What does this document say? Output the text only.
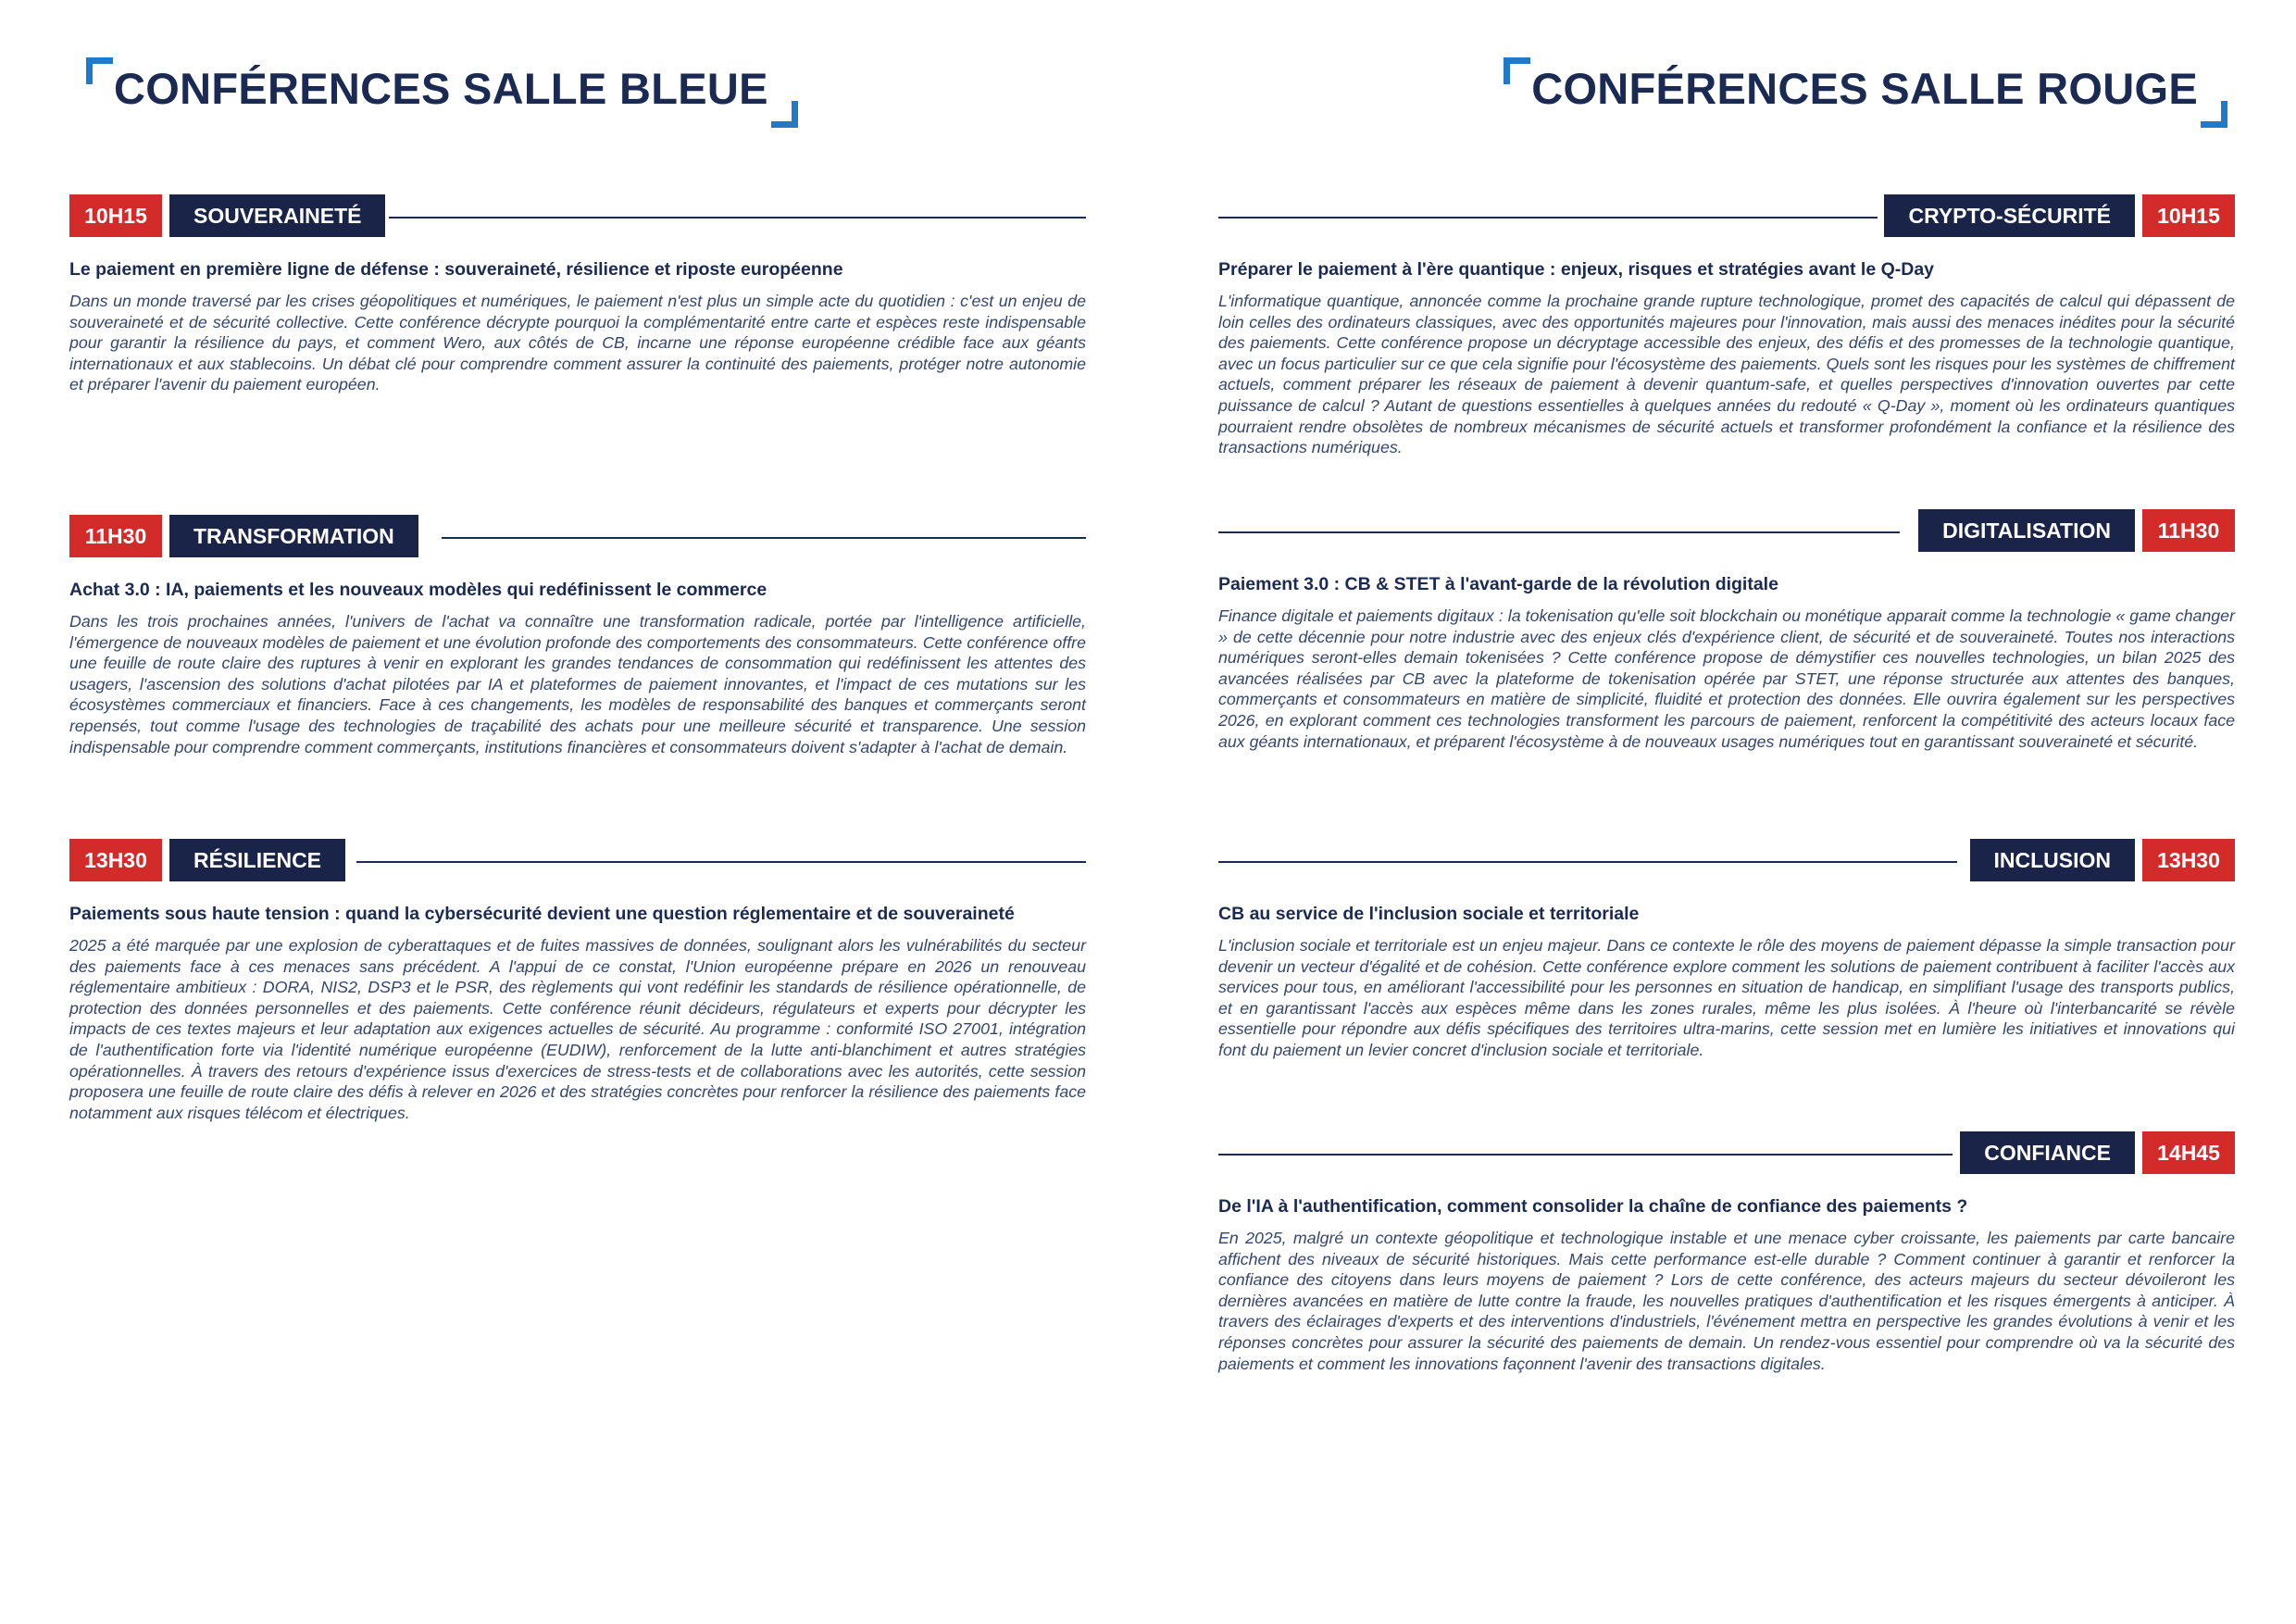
CONFÉRENCES SALLE BLEUE
10H15	SOUVERAINETÉ
Le paiement en première ligne de défense : souveraineté, résilience et riposte européenne
Dans un monde traversé par les crises géopolitiques et numériques, le paiement n'est plus un simple acte du quotidien : c'est un enjeu de souveraineté et de sécurité collective. Cette conférence décrypte pourquoi la complémentarité entre carte et espèces reste indispensable pour garantir la résilience du pays, et comment Wero, aux côtés de CB, incarne une réponse européenne crédible face aux géants internationaux et aux stablecoins. Un débat clé pour comprendre comment assurer la continuité des paiements, protéger notre autonomie et préparer l'avenir du paiement européen.
11H30	TRANSFORMATION
Achat 3.0 : IA, paiements et les nouveaux modèles qui redéfinissent le commerce
Dans les trois prochaines années, l'univers de l'achat va connaître une transformation radicale, portée par l'intelligence artificielle, l'émergence de nouveaux modèles de paiement et une évolution profonde des comportements des consommateurs. Cette conférence offre une feuille de route claire des ruptures à venir en explorant les grandes tendances de consommation qui redéfinissent les attentes des usagers, l'ascension des solutions d'achat pilotées par IA et plateformes de paiement innovantes, et l'impact de ces mutations sur les écosystèmes commerciaux et financiers. Face à ces changements, les modèles de responsabilité des banques et commerçants seront repensés, tout comme l'usage des technologies de traçabilité des achats pour une meilleure sécurité et transparence. Une session indispensable pour comprendre comment commerçants, institutions financières et consommateurs doivent s'adapter à l'achat de demain.
13H30	RÉSILIENCE
Paiements sous haute tension : quand la cybersécurité devient une question réglementaire et de souveraineté
2025 a été marquée par une explosion de cyberattaques et de fuites massives de données, soulignant alors les vulnérabilités du secteur des paiements face à ces menaces sans précédent. A l'appui de ce constat, l'Union européenne prépare en 2026 un renouveau réglementaire ambitieux : DORA, NIS2, DSP3 et le PSR, des règlements qui vont redéfinir les standards de résilience opérationnelle, de protection des données personnelles et des paiements. Cette conférence réunit décideurs, régulateurs et experts pour décrypter les impacts de ces textes majeurs et leur adaptation aux exigences actuelles de sécurité. Au programme : conformité ISO 27001, intégration de l'authentification forte via l'identité numérique européenne (EUDIW), renforcement de la lutte anti-blanchiment et autres stratégies opérationnelles. À travers des retours d'expérience issus d'exercices de stress-tests et de collaborations avec les autorités, cette session proposera une feuille de route claire des défis à relever en 2026 et des stratégies concrètes pour renforcer la résilience des paiements face notamment aux risques télécom et électriques.
CONFÉRENCES SALLE ROUGE
10H15
CRYPTO-SÉCURITÉ
Préparer le paiement à l'ère quantique : enjeux, risques et stratégies avant le Q-Day
L'informatique quantique, annoncée comme la prochaine grande rupture technologique, promet des capacités de calcul qui dépassent de loin celles des ordinateurs classiques, avec des opportunités majeures pour l'innovation, mais aussi des menaces inédites pour la sécurité des paiements. Cette conférence propose un décryptage accessible des enjeux, des défis et des promesses de la technologie quantique, avec un focus particulier sur ce que cela signifie pour l'écosystème des paiements. Quels sont les risques pour les systèmes de chiffrement actuels, comment préparer les réseaux de paiement à devenir quantum-safe, et quelles perspectives d'innovation ouvertes par cette puissance de calcul ? Autant de questions essentielles à quelques années du redouté « Q-Day », moment où les ordinateurs quantiques pourraient rendre obsolètes de nombreux mécanismes de sécurité actuels et transformer profondément la confiance et la résilience des transactions numériques.
11H30
DIGITALISATION
Paiement 3.0 : CB & STET à l'avant-garde de la révolution digitale
Finance digitale et paiements digitaux : la tokenisation qu'elle soit blockchain ou monétique apparait comme la technologie « game changer » de cette décennie pour notre industrie avec des enjeux clés d'expérience client, de sécurité et de souveraineté. Toutes nos interactions numériques seront-elles demain tokenisées ? Cette conférence propose de démystifier ces nouvelles technologies, un bilan 2025 des avancées réalisées par CB avec la plateforme de tokenisation opérée par STET, une réponse structurée aux attentes des banques, commerçants et consommateurs en matière de simplicité, fluidité et protection des données. Elle ouvrira également sur les perspectives 2026, en explorant comment ces technologies transforment les parcours de paiement, renforcent la compétitivité des acteurs locaux face aux géants internationaux, et préparent l'écosystème à de nouveaux usages numériques tout en garantissant souveraineté et sécurité.
13H30
INCLUSION
CB au service de l'inclusion sociale et territoriale
L'inclusion sociale et territoriale est un enjeu majeur. Dans ce contexte le rôle des moyens de paiement dépasse la simple transaction pour devenir un vecteur d'égalité et de cohésion. Cette conférence explore comment les solutions de paiement contribuent à faciliter l'accès aux services pour tous, en améliorant l'accessibilité pour les personnes en situation de handicap, en simplifiant l'usage des transports publics, et en garantissant l'accès aux espèces même dans les zones rurales, même les plus isolées. À l'heure où l'interbancarité se révèle essentielle pour répondre aux défis spécifiques des territoires ultra-marins, cette session met en lumière les initiatives et innovations qui font du paiement un levier concret d'inclusion sociale et territoriale.
14H45
CONFIANCE
De l'IA à l'authentification, comment consolider la chaîne de confiance des paiements ?
En 2025, malgré un contexte géopolitique et technologique instable et une menace cyber croissante, les paiements par carte bancaire affichent des niveaux de sécurité historiques. Mais cette performance est-elle durable ? Comment continuer à garantir et renforcer la confiance des citoyens dans leurs moyens de paiement ? Lors de cette conférence, des acteurs majeurs du secteur dévoileront les dernières avancées en matière de lutte contre la fraude, les nouvelles pratiques d'authentification et les risques émergents à anticiper. À travers des éclairages d'experts et des interventions d'industriels, l'événement mettra en perspective les grandes évolutions à venir et les réponses concrètes pour assurer la sécurité des paiements de demain. Un rendez-vous essentiel pour comprendre où va la sécurité des paiements et comment les innovations façonnent l'avenir des transactions digitales.
